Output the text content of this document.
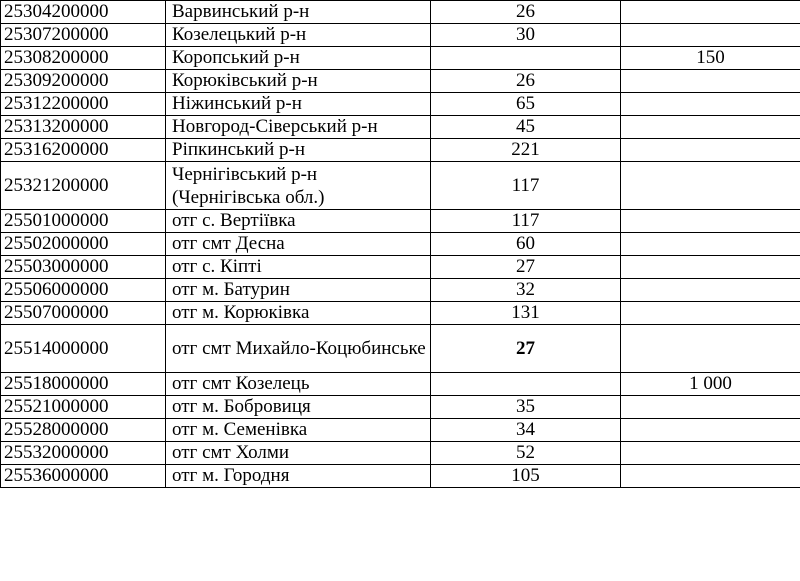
25304200000	Варвинський р-н	26	
25307200000	Козелецький р-н	30	
25308200000	Коропський р-н		150
25309200000	Корюківський р-н	26	
25312200000	Ніжинський р-н	65	
25313200000	Новгород-Сіверський р-н	45	
25316200000	Ріпкинський р-н	221	
25321200000	Чернігівський р-н (Чернігівська обл.)	117	
25501000000	отг с. Вертіївка	117	
25502000000	отг смт Десна	60	
25503000000	отг с. Кіпті	27	
25506000000	отг м. Батурин	32	
25507000000	отг м. Корюківка	131	
25514000000	отг смт Михайло-Коцюбинське	27	
25518000000	отг смт Козелець		1 000
25521000000	отг м. Бобровиця	35	
25528000000	отг м. Семенівка	34	
25532000000	отг смт Холми	52	
25536000000	отг м. Городня	105	
